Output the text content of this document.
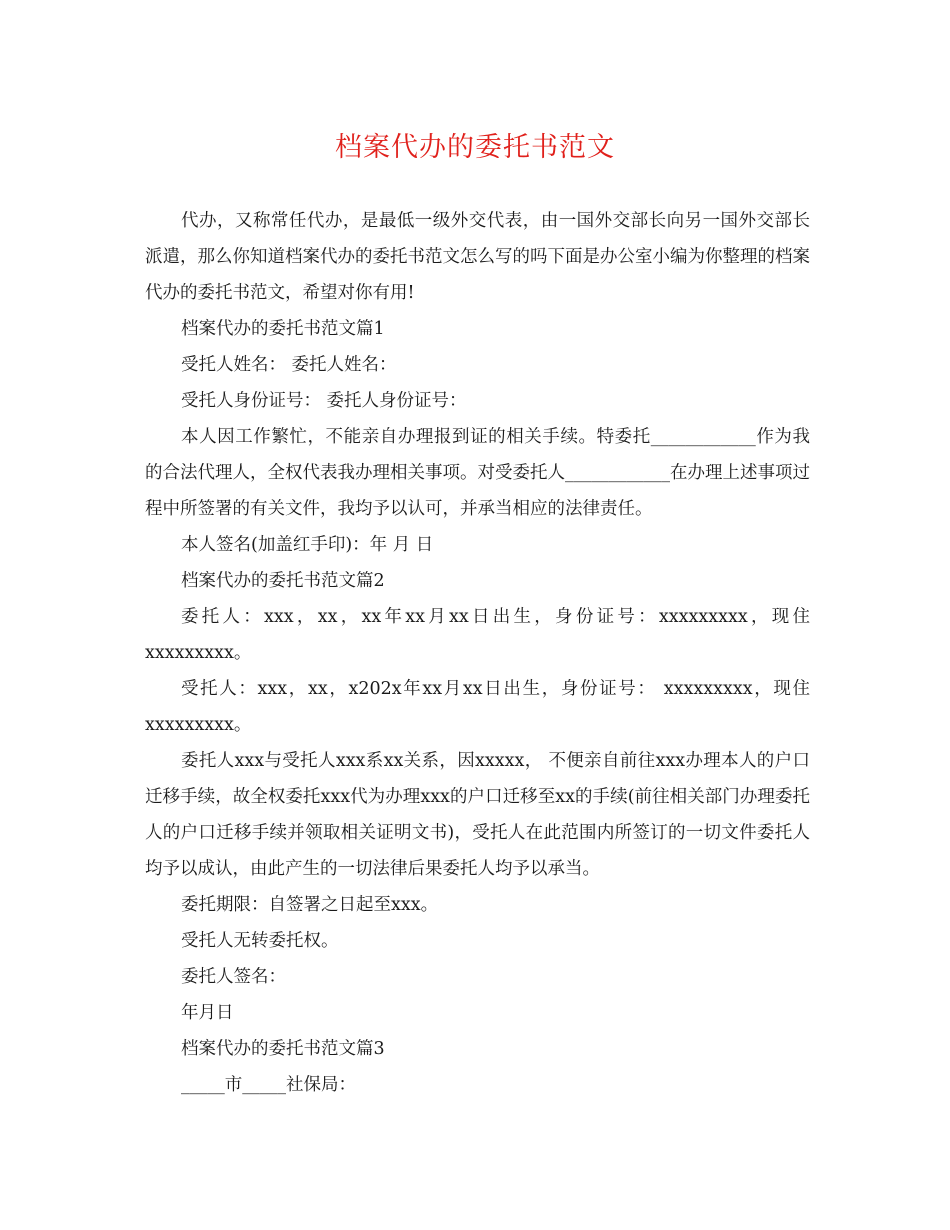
档案代办的委托书范文

代办，又称常任代办，是最低一级外交代表，由一国外交部长向另一国外交部长派遣，那么你知道档案代办的委托书范文怎么写的吗下面是办公室小编为你整理的档案代办的委托书范文，希望对你有用!

档案代办的委托书范文篇1

受托人姓名： 委托人姓名：

受托人身份证号： 委托人身份证号：

本人因工作繁忙，不能亲自办理报到证的相关手续。特委托____________作为我的合法代理人，全权代表我办理相关事项。对受委托人____________在办理上述事项过程中所签署的有关文件，我均予以认可，并承当相应的法律责任。

本人签名(加盖红手印)：年 月 日

档案代办的委托书范文篇2

委托人：xxx，xx，xx年xx月xx日出生，身份证号：xxxxxxxxx，现住xxxxxxxxx。

受托人：xxx，xx，x202x年xx月xx日出生，身份证号： xxxxxxxxx，现住xxxxxxxxx。

委托人xxx与受托人xxx系xx关系，因xxxxx， 不便亲自前往xxx办理本人的户口迁移手续，故全权委托xxx代为办理xxx的户口迁移至xx的手续(前往相关部门办理委托人的户口迁移手续并领取相关证明文书)，受托人在此范围内所签订的一切文件委托人均予以成认，由此产生的一切法律后果委托人均予以承当。

委托期限：自签署之日起至xxx。

受托人无转委托权。

委托人签名：

年月日

档案代办的委托书范文篇3

_____市_____社保局：
